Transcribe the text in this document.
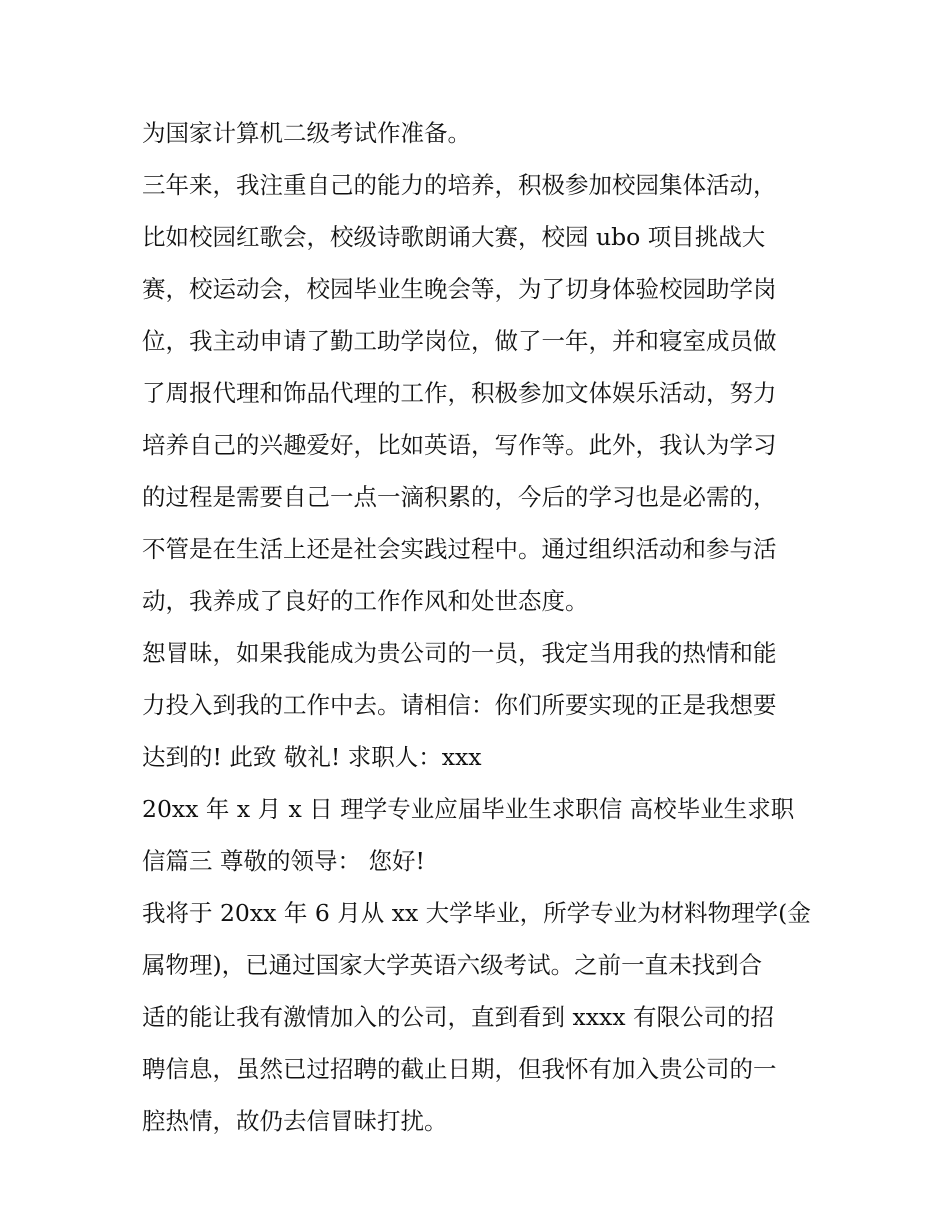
为国家计算机二级考试作准备。
三年来，我注重自己的能力的培养，积极参加校园集体活动，
比如校园红歌会，校级诗歌朗诵大赛，校园 ubo 项目挑战大
赛，校运动会，校园毕业生晚会等，为了切身体验校园助学岗
位，我主动申请了勤工助学岗位，做了一年，并和寝室成员做
了周报代理和饰品代理的工作，积极参加文体娱乐活动，努力
培养自己的兴趣爱好，比如英语，写作等。此外，我认为学习
的过程是需要自己一点一滴积累的，今后的学习也是必需的，
不管是在生活上还是社会实践过程中。通过组织活动和参与活
动，我养成了良好的工作作风和处世态度。
恕冒昧，如果我能成为贵公司的一员，我定当用我的热情和能
力投入到我的工作中去。请相信：你们所要实现的正是我想要
达到的! 此致 敬礼! 求职人：xxx
20xx 年 x 月 x 日 理学专业应届毕业生求职信 高校毕业生求职
信篇三 尊敬的领导： 您好!
我将于 20xx 年 6 月从 xx 大学毕业，所学专业为材料物理学(金
属物理)，已通过国家大学英语六级考试。之前一直未找到合
适的能让我有激情加入的公司，直到看到 xxxx 有限公司的招
聘信息，虽然已过招聘的截止日期，但我怀有加入贵公司的一
腔热情，故仍去信冒昧打扰。
